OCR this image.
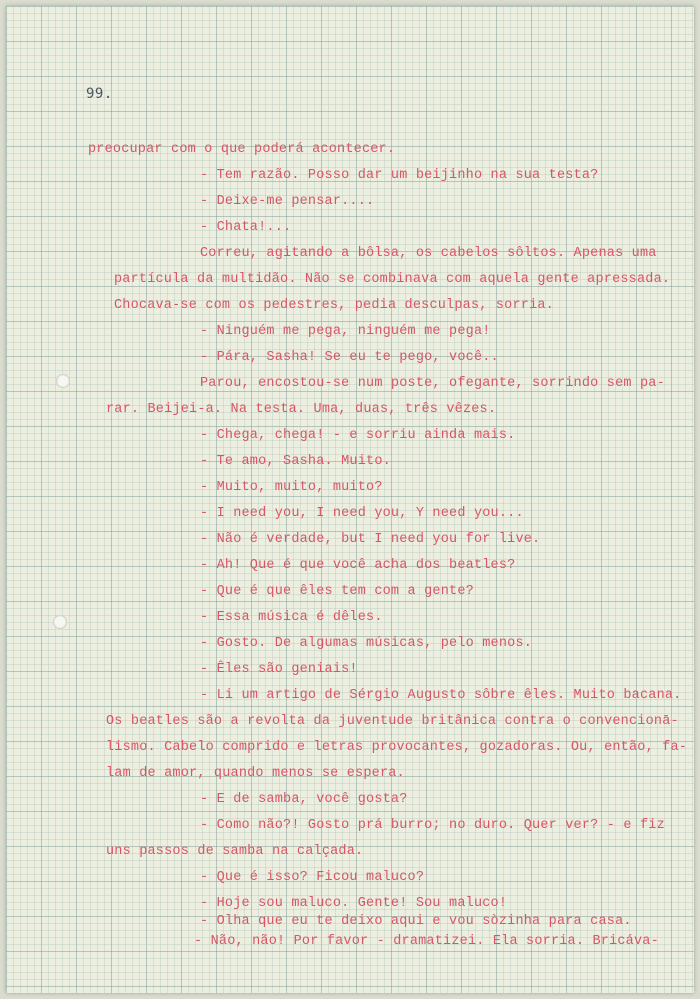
99.
preocupar com o que poderá acontecer.
- Tem razão. Posso dar um beijinho na sua testa?
- Deixe-me pensar....
- Chata!...
Correu, agitando a bôlsa, os cabelos sôltos. Apenas uma
partícula da multidão. Não se combinava com aquela gente apressada.
Chocava-se com os pedestres, pedia desculpas, sorria.
- Ninguém me pega, ninguém me pega!
- Pára, Sasha! Se eu te pego, você..
Parou, encostou-se num poste, ofegante, sorrindo sem pa-
rar. Beijei-a. Na testa. Uma, duas, três vêzes.
- Chega, chega! - e sorriu ainda mais.
- Te amo, Sasha. Muito.
- Muito, muito, muito?
- I need you, I need you, Y need you...
- Não é verdade, but I need you for live.
- Ah! Que é que você acha dos beatles?
- Que é que êles tem com a gente?
- Essa música é dêles.
- Gosto. De algumas músicas, pelo menos.
- Êles são geniais!
- Li um artigo de Sérgio Augusto sôbre êles. Muito bacana.
Os beatles são a revolta da juventude britânica contra o convencionā-
lismo. Cabelo comprido e letras provocantes, gozadoras. Ou, então, fa-
lam de amor, quando menos se espera.
- E de samba, você gosta?
- Como não?! Gosto prá burro; no duro. Quer ver? - e fiz
uns passos de samba na calçada.
- Que é isso? Ficou maluco?
- Hoje sou maluco. Gente! Sou maluco!
- Olha que eu te deixo aqui e vou sòzinha para casa.
- Não, não! Por favor - dramatizei. Ela sorria. Bricáva-
